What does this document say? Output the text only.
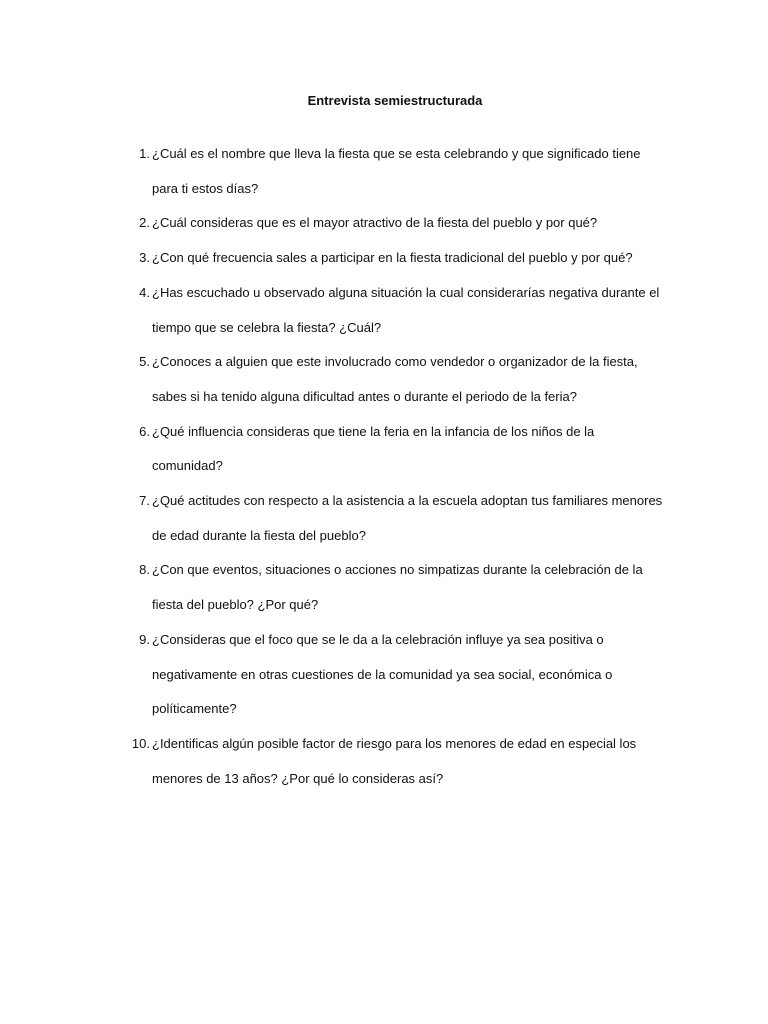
Entrevista semiestructurada
1. ¿Cuál es el nombre que lleva la fiesta que se esta celebrando y que significado tiene para ti estos días?
2. ¿Cuál consideras que es el mayor atractivo de la fiesta del pueblo y por qué?
3. ¿Con qué frecuencia sales a participar en la fiesta tradicional del pueblo y por qué?
4. ¿Has escuchado u observado alguna situación la cual considerarías negativa durante el tiempo que se celebra la fiesta? ¿Cuál?
5. ¿Conoces a alguien que este involucrado como vendedor o organizador de la fiesta, sabes si ha tenido alguna dificultad antes o durante el periodo de la feria?
6. ¿Qué influencia consideras que tiene la feria en la infancia de los niños de la comunidad?
7. ¿Qué actitudes con respecto a la asistencia a la escuela adoptan tus familiares menores de edad durante la fiesta del pueblo?
8. ¿Con que eventos, situaciones o acciones no simpatizas durante la celebración de la fiesta del pueblo? ¿Por qué?
9. ¿Consideras que el foco que se le da a la celebración influye ya sea positiva o negativamente en otras cuestiones de la comunidad ya sea social, económica o políticamente?
10. ¿Identificas algún posible factor de riesgo para los menores de edad en especial los menores de 13 años? ¿Por qué lo consideras así?
